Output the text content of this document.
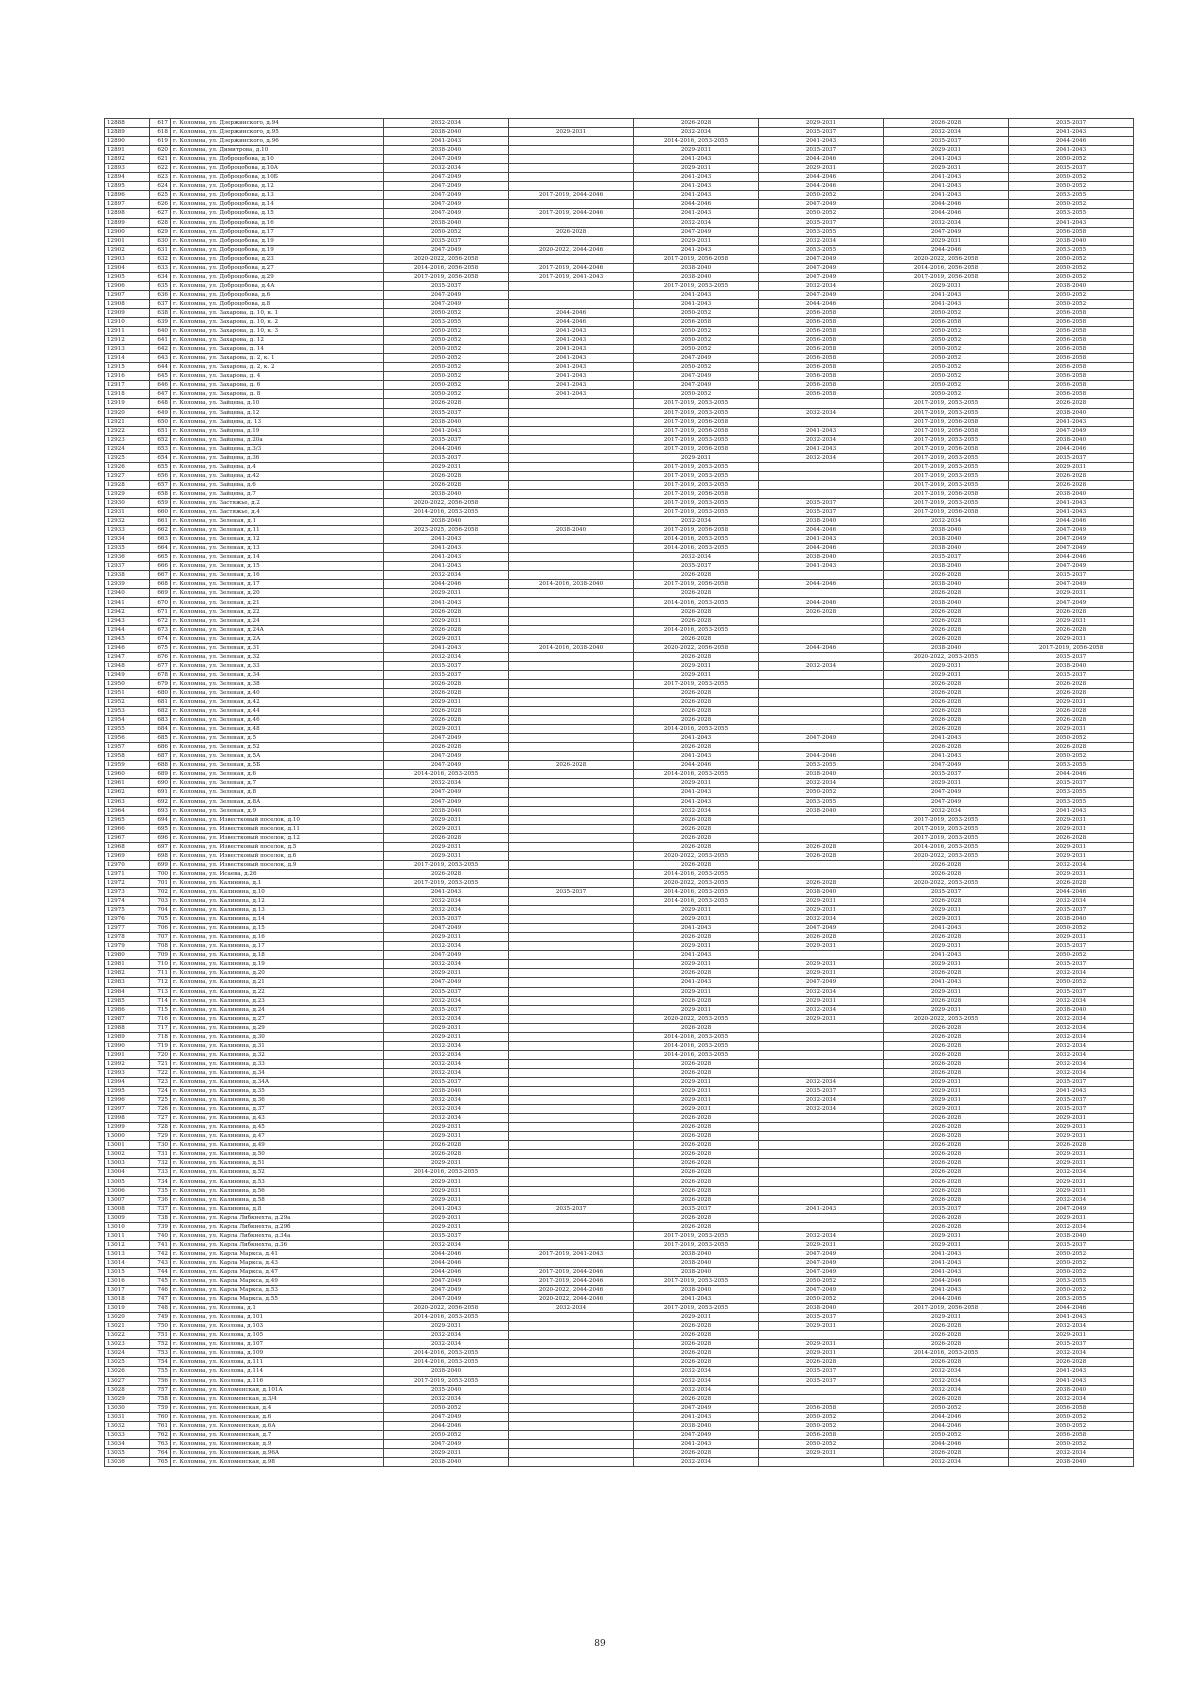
12888	617	г. Коломна, ул. Дзержинского, д.94	2032-2034		2026-2028	2029-2031	2026-2028	2035-2037
12889	618	г. Коломна, ул. Дзержинского, д.95	2038-2040	2029-2031	2032-2034	2035-2037	2032-2034	2041-2043
12890	619	г. Коломна, ул. Дзержинского, д.96	2041-2043		2014-2016, 2053-2055	2041-2043	2035-2037	2044-2046
12891	620	г. Коломна, ул. Димитрова, д.10	2038-2040		2029-2031	2035-2037	2029-2031	2041-2043
12892	621	г. Коломна, ул. Доброцобова, д.10	2047-2049		2041-2043	2044-2046	2041-2043	2050-2052
12893	622	г. Коломна, ул. Доброцобова, д.10А	2032-2034		2029-2031	2029-2031	2029-2031	2035-2037
12894	623	г. Коломна, ул. Доброцобова, д.10Б	2047-2049		2041-2043	2044-2046	2041-2043	2050-2052
12895	624	г. Коломна, ул. Доброцобова, д.12	2047-2049		2041-2043	2044-2046	2041-2043	2050-2052
12896	625	г. Коломна, ул. Доброцобова, д.13	2047-2049	2017-2019, 2044-2046	2041-2043	2050-2052	2041-2043	2053-2055
12897	626	г. Коломна, ул. Доброцобова, д.14	2047-2049		2044-2046	2047-2049	2044-2046	2050-2052
12898	627	г. Коломна, ул. Доброцобова, д.15	2047-2049	2017-2019, 2044-2046	2041-2043	2050-2052	2044-2046	2053-2055
12899	628	г. Коломна, ул. Доброцобова, д.16	2038-2040		2032-2034	2035-2037	2032-2034	2041-2043
12900	629	г. Коломна, ул. Доброцобова, д.17	2050-2052	2026-2028	2047-2049	2053-2055	2047-2049	2056-2058
12901	630	г. Коломна, ул. Доброцобова, д.19	2035-2037		2029-2031	2032-2034	2029-2031	2038-2040
12902	631	г. Коломна, ул. Доброцобова, д.19	2047-2049	2020-2022, 2044-2046	2041-2043	2053-2055	2044-2046	2053-2055
12903	632	г. Коломна, ул. Доброцобова, д.23	2020-2022, 2056-2058		2017-2019, 2056-2058	2047-2049	2020-2022, 2056-2058	2050-2052
12904	633	г. Коломна, ул. Доброцобова, д.27	2014-2016, 2056-2058	2017-2019, 2044-2046	2038-2040	2047-2049	2014-2016, 2056-2058	2050-2052
12905	634	г. Коломна, ул. Доброцобова, д.29	2017-2019, 2056-2058	2017-2019, 2041-2043	2038-2040	2047-2049	2017-2019, 2056-2058	2050-2052
12906	635	г. Коломна, ул. Доброцобова, д.4А	2035-2037		2017-2019, 2053-2055	2032-2034	2029-2031	2038-2040
12907	636	г. Коломна, ул. Доброцобова, д.6	2047-2049		2041-2043	2047-2049	2041-2043	2050-2052
12908	637	г. Коломна, ул. Доброцобова, д.8	2047-2049		2041-2043	2044-2046	2041-2043	2050-2052
12909	638	г. Коломна, ул. Захарова, д. 10, к. 1	2050-2052	2044-2046	2050-2052	2056-2058	2050-2052	2056-2058
12910	639	г. Коломна, ул. Захарова, д. 10, к. 2	2053-2055	2044-2046	2056-2058	2056-2058	2056-2058	2056-2058
12911	640	г. Коломна, ул. Захарова, д. 10, к. 3	2050-2052	2041-2043	2050-2052	2056-2058	2050-2052	2056-2058
12912	641	г. Коломна, ул. Захарова, д. 12	2050-2052	2041-2043	2050-2052	2056-2058	2050-2052	2056-2058
12913	642	г. Коломна, ул. Захарова, д. 14	2050-2052	2041-2043	2050-2052	2056-2058	2050-2052	2056-2058
12914	643	г. Коломна, ул. Захарова, д. 2, к. 1	2050-2052	2041-2043	2047-2049	2056-2058	2050-2052	2056-2058
12915	644	г. Коломна, ул. Захарова, д. 2, к. 2	2050-2052	2041-2043	2050-2052	2056-2058	2050-2052	2056-2058
12916	645	г. Коломна, ул. Захарова, д. 4	2050-2052	2041-2043	2047-2049	2056-2058	2050-2052	2056-2058
12917	646	г. Коломна, ул. Захарова, д. 6	2050-2052	2041-2043	2047-2049	2056-2058	2050-2052	2056-2058
12918	647	г. Коломна, ул. Захарова, д. 8	2050-2052	2041-2043	2050-2052	2056-2058	2050-2052	2056-2058
12919	648	г. Коломна, ул. Зайцева, д.10	2026-2028		2017-2019, 2053-2055		2017-2019, 2053-2055	2026-2028
12920	649	г. Коломна, ул. Зайцева, д.12	2035-2037		2017-2019, 2053-2055	2032-2034	2017-2019, 2053-2055	2038-2040
12921	650	г. Коломна, ул. Зайцева, д. 13	2038-2040		2017-2019, 2056-2058		2017-2019, 2056-2058	2041-2043
12922	651	г. Коломна, ул. Зайцева, д.19	2041-2043		2017-2019, 2056-2058	2041-2043	2017-2019, 2056-2058	2047-2049
12923	652	г. Коломна, ул. Зайцева, д.20а	2035-2037		2017-2019, 2053-2055	2032-2034	2017-2019, 2053-2055	2038-2040
12924	653	г. Коломна, ул. Зайцева, д.3/3	2044-2046		2017-2019, 2056-2058	2041-2043	2017-2019, 2056-2058	2044-2046
12925	654	г. Коломна, ул. Зайцева, д.36	2035-2037		2029-2031	2032-2034	2017-2019, 2053-2055	2035-2037
12926	655	г. Коломна, ул. Зайцева, д.4	2029-2031		2017-2019, 2053-2055		2017-2019, 2053-2055	2029-2031
12927	656	г. Коломна, ул. Зайцева, д.42	2026-2028		2017-2019, 2053-2055		2017-2019, 2053-2055	2026-2028
12928	657	г. Коломна, ул. Зайцева, д.6	2026-2028		2017-2019, 2053-2055		2017-2019, 2053-2055	2026-2028
12929	658	г. Коломна, ул. Зайцева, д.7	2038-2040		2017-2019, 2056-2058		2017-2019, 2056-2058	2038-2040
12930	659	г. Коломна, ул. Застяжье, д.2	2020-2022, 2056-2058		2017-2019, 2053-2055	2035-2037	2017-2019, 2053-2055	2041-2043
12931	660	г. Коломна, ул. Застяжье, д.4	2014-2016, 2053-2055		2017-2019, 2053-2055	2035-2037	2017-2019, 2056-2058	2041-2043
12932	661	г. Коломна, ул. Зеленая, д.1	2038-2040		2032-2034	2038-2040	2032-2034	2044-2046
12933	662	г. Коломна, ул. Зеленая, д.11	2023-2025, 2056-2058	2038-2040	2017-2019, 2056-2058	2044-2046	2038-2040	2047-2049
12934	663	г. Коломна, ул. Зеленая, д.12	2041-2043		2014-2016, 2053-2055	2041-2043	2038-2040	2047-2049
12935	664	г. Коломна, ул. Зеленая, д.13	2041-2043		2014-2016, 2053-2055	2044-2046	2038-2040	2047-2049
12936	665	г. Коломна, ул. Зеленая, д.14	2041-2043		2032-2034	2038-2040	2035-2037	2044-2046
12937	666	г. Коломна, ул. Зеленая, д.15	2041-2043		2035-2037	2041-2043	2038-2040	2047-2049
12938	667	г. Коломна, ул. Зеленая, д.16	2032-2034		2026-2028		2026-2028	2035-2037
12939	668	г. Коломна, ул. Зеленая, д.17	2044-2046	2014-2016, 2038-2040	2017-2019, 2056-2058	2044-2046	2038-2040	2047-2049
12940	669	г. Коломна, ул. Зеленая, д.20	2029-2031		2026-2028		2026-2028	2029-2031
12941	670	г. Коломна, ул. Зеленая, д.21	2041-2043		2014-2016, 2053-2055	2044-2046	2038-2040	2047-2049
12942	671	г. Коломна, ул. Зеленая, д.22	2026-2028		2026-2028	2026-2028	2026-2028	2026-2028
12943	672	г. Коломна, ул. Зеленая, д.24	2029-2031		2026-2028		2026-2028	2029-2031
12944	673	г. Коломна, ул. Зеленая, д.24А	2026-2028		2014-2016, 2053-2055		2026-2028	2026-2028
12945	674	г. Коломна, ул. Зеленая, д.2А	2029-2031		2026-2028		2026-2028	2029-2031
12946	675	г. Коломна, ул. Зеленая, д.31	2041-2043	2014-2016, 2038-2040	2020-2022, 2056-2058	2044-2046	2038-2040	2017-2019, 2056-2058
12947	676	г. Коломна, ул. Зеленая, д.32	2032-2034		2026-2028		2020-2022, 2053-2055	2035-2037
12948	677	г. Коломна, ул. Зеленая, д.33	2035-2037		2029-2031	2032-2034	2029-2031	2038-2040
12949	678	г. Коломна, ул. Зеленая, д.34	2035-2037		2029-2031		2029-2031	2035-2037
12950	679	г. Коломна, ул. Зеленая, д.38	2026-2028		2017-2019, 2053-2055		2026-2028	2026-2028
12951	680	г. Коломна, ул. Зеленая, д.40	2026-2028		2026-2028		2026-2028	2026-2028
12952	681	г. Коломна, ул. Зеленая, д.42	2029-2031		2026-2028		2026-2028	2029-2031
12953	682	г. Коломна, ул. Зеленая, д.44	2026-2028		2026-2028		2026-2028	2026-2028
12954	683	г. Коломна, ул. Зеленая, д.46	2026-2028		2026-2028		2026-2028	2026-2028
12955	684	г. Коломна, ул. Зеленая, д.48	2029-2031		2014-2016, 2053-2055		2026-2028	2029-2031
12956	685	г. Коломна, ул. Зеленая, д.5	2047-2049		2041-2043	2047-2049	2041-2043	2050-2052
12957	686	г. Коломна, ул. Зеленая, д.52	2026-2028		2026-2028		2026-2028	2026-2028
12958	687	г. Коломна, ул. Зеленая, д.5А	2047-2049		2041-2043	2044-2046	2041-2043	2050-2052
12959	688	г. Коломна, ул. Зеленая, д.5Б	2047-2049	2026-2028	2044-2046	2053-2055	2047-2049	2053-2055
12960	689	г. Коломна, ул. Зеленая, д.6	2014-2016, 2053-2055		2014-2016, 2053-2055	2038-2040	2035-2037	2044-2046
12961	690	г. Коломна, ул. Зеленая, д.7	2032-2034		2029-2031	2032-2034	2029-2031	2035-2037
12962	691	г. Коломна, ул. Зеленая, д.8	2047-2049		2041-2043	2050-2052	2047-2049	2053-2055
12963	692	г. Коломна, ул. Зеленая, д.8А	2047-2049		2041-2043	2053-2055	2047-2049	2053-2055
12964	693	г. Коломна, ул. Зеленая, д.9	2038-2040		2032-2034	2038-2040	2032-2034	2041-2043
12965	694	г. Коломна, ул. Известковый поселок, д.10	2029-2031		2026-2028		2017-2019, 2053-2055	2029-2031
12966	695	г. Коломна, ул. Известковый поселок, д.11	2029-2031		2026-2028		2017-2019, 2053-2055	2029-2031
12967	696	г. Коломна, ул. Известковый поселок, д.12	2026-2028		2026-2028		2017-2019, 2053-2055	2026-2028
12968	697	г. Коломна, ул. Известковый поселок, д.5	2029-2031		2026-2028	2026-2028	2014-2016, 2053-2055	2029-2031
12969	698	г. Коломна, ул. Известковый поселок, д.6	2029-2031		2020-2022, 2053-2055	2026-2028	2020-2022, 2053-2055	2029-2031
12970	699	г. Коломна, ул. Известковый поселок, д.9	2017-2019, 2053-2055		2026-2028		2026-2028	2032-2034
12971	700	г. Коломна, ул. Исаева, д.26	2026-2028		2014-2016, 2053-2055		2026-2028	2029-2031
12972	701	г. Коломна, ул. Калинина, д.1	2017-2019, 2053-2055		2020-2022, 2053-2055	2026-2028	2020-2022, 2053-2055	2026-2028
12973	702	г. Коломна, ул. Калинина, д.10	2041-2043	2035-2037	2014-2016, 2053-2055	2038-2040	2035-2037	2044-2046
12974	703	г. Коломна, ул. Калинина, д.12	2032-2034		2014-2016, 2053-2055	2029-2031	2026-2028	2032-2034
12975	704	г. Коломна, ул. Калинина, д.13	2032-2034		2029-2031	2029-2031	2029-2031	2035-2037
12976	705	г. Коломна, ул. Калинина, д.14	2035-2037		2029-2031	2032-2034	2029-2031	2038-2040
12977	706	г. Коломна, ул. Калинина, д.15	2047-2049		2041-2043	2047-2049	2041-2043	2050-2052
12978	707	г. Коломна, ул. Калинина, д.16	2029-2031		2026-2028	2026-2028	2026-2028	2029-2031
12979	708	г. Коломна, ул. Калинина, д.17	2032-2034		2029-2031	2029-2031	2029-2031	2035-2037
12980	709	г. Коломна, ул. Калинина, д.18	2047-2049		2041-2043		2041-2043	2050-2052
12981	710	г. Коломна, ул. Калинина, д.19	2032-2034		2029-2031	2029-2031	2029-2031	2035-2037
12982	711	г. Коломна, ул. Калинина, д.20	2029-2031		2026-2028	2029-2031	2026-2028	2032-2034
12983	712	г. Коломна, ул. Калинина, д.21	2047-2049		2041-2043	2047-2049	2041-2043	2050-2052
12984	713	г. Коломна, ул. Калинина, д.22	2035-2037		2029-2031	2032-2034	2029-2031	2035-2037
12985	714	г. Коломна, ул. Калинина, д.23	2032-2034		2026-2028	2029-2031	2026-2028	2032-2034
12986	715	г. Коломна, ул. Калинина, д.24	2035-2037		2029-2031	2032-2034	2029-2031	2038-2040
12987	716	г. Коломна, ул. Калинина, д.27	2032-2034		2020-2022, 2053-2055	2029-2031	2020-2022, 2053-2055	2032-2034
12988	717	г. Коломна, ул. Калинина, д.29	2029-2031		2026-2028		2026-2028	2032-2034
12989	718	г. Коломна, ул. Калинина, д.30	2029-2031		2014-2016, 2053-2055		2026-2028	2032-2034
12990	719	г. Коломна, ул. Калинина, д.31	2032-2034		2014-2016, 2053-2055		2026-2028	2032-2034
12991	720	г. Коломна, ул. Калинина, д.32	2032-2034		2014-2016, 2053-2055		2026-2028	2032-2034
12992	721	г. Коломна, ул. Калинина, д.33	2032-2034		2026-2028		2026-2028	2032-2034
12993	722	г. Коломна, ул. Калинина, д.34	2032-2034		2026-2028		2026-2028	2032-2034
12994	723	г. Коломна, ул. Калинина, д.34А	2035-2037		2029-2031	2032-2034	2029-2031	2035-2037
12995	724	г. Коломна, ул. Калинина, д.35	2038-2040		2029-2031	2035-2037	2029-2031	2041-2043
12996	725	г. Коломна, ул. Калинина, д.36	2032-2034		2029-2031	2032-2034	2029-2031	2035-2037
12997	726	г. Коломна, ул. Калинина, д.37	2032-2034		2029-2031	2032-2034	2029-2031	2035-2037
12998	727	г. Коломна, ул. Калинина, д.43	2032-2034		2026-2028		2026-2028	2029-2031
12999	728	г. Коломна, ул. Калинина, д.45	2029-2031		2026-2028		2026-2028	2029-2031
13000	729	г. Коломна, ул. Калинина, д.47	2029-2031		2026-2028		2026-2028	2029-2031
13001	730	г. Коломна, ул. Калинина, д.49	2026-2028		2026-2028		2026-2028	2026-2028
13002	731	г. Коломна, ул. Калинина, д.50	2026-2028		2026-2028		2026-2028	2029-2031
13003	732	г. Коломна, ул. Калинина, д.51	2029-2031		2026-2028		2026-2028	2029-2031
13004	733	г. Коломна, ул. Калинина, д.52	2014-2016, 2053-2055		2026-2028		2026-2028	2032-2034
13005	734	г. Коломна, ул. Калинина, д.53	2029-2031		2026-2028		2026-2028	2029-2031
13006	735	г. Коломна, ул. Калинина, д.56	2029-2031		2026-2028		2026-2028	2029-2031
13007	736	г. Коломна, ул. Калинина, д.58	2029-2031		2026-2028		2026-2028	2032-2034
13008	737	г. Коломна, ул. Калинина, д.8	2041-2043	2035-2037	2035-2037	2041-2043	2035-2037	2047-2049
13009	738	г. Коломна, ул. Карла Либкнехта, д.29а	2029-2031		2026-2028		2026-2028	2029-2031
13010	739	г. Коломна, ул. Карла Либкнехта, д.29б	2029-2031		2026-2028		2026-2028	2032-2034
13011	740	г. Коломна, ул. Карла Либкнехта, д.34а	2035-2037		2017-2019, 2053-2055	2032-2034	2029-2031	2038-2040
13012	741	г. Коломна, ул. Карла Либкнехта, д.36	2032-2034		2017-2019, 2053-2055	2029-2031	2029-2031	2035-2037
13013	742	г. Коломна, ул. Карла Маркса, д.41	2044-2046	2017-2019, 2041-2043	2038-2040	2047-2049	2041-2043	2050-2052
13014	743	г. Коломна, ул. Карла Маркса, д.43	2044-2046		2038-2040	2047-2049	2041-2043	2050-2052
13015	744	г. Коломна, ул. Карла Маркса, д.47	2044-2046	2017-2019, 2044-2046	2038-2040	2047-2049	2041-2043	2050-2052
13016	745	г. Коломна, ул. Карла Маркса, д.49	2047-2049	2017-2019, 2044-2046	2017-2019, 2053-2055	2050-2052	2044-2046	2053-2055
13017	746	г. Коломна, ул. Карла Маркса, д.53	2047-2049	2020-2022, 2044-2046	2038-2040	2047-2049	2041-2043	2050-2052
13018	747	г. Коломна, ул. Карла Маркса, д.55	2047-2049	2020-2022, 2044-2046	2041-2043	2050-2052	2044-2046	2053-2055
13019	748	г. Коломна, ул. Козлова, д.1	2020-2022, 2056-2058	2032-2034	2017-2019, 2053-2055	2038-2040	2017-2019, 2056-2058	2044-2046
13020	749	г. Коломна, ул. Козлова, д.101	2014-2016, 2053-2055		2029-2031	2035-2037	2029-2031	2041-2043
13021	750	г. Коломна, ул. Козлова, д.103	2029-2031		2026-2028	2029-2031	2026-2028	2032-2034
13022	751	г. Коломна, ул. Козлова, д.105	2032-2034		2026-2028		2026-2028	2029-2031
13023	752	г. Коломна, ул. Козлова, д.107	2032-2034		2026-2028	2029-2031	2026-2028	2035-2037
13024	753	г. Коломна, ул. Козлова, д.109	2014-2016, 2053-2055		2026-2028	2029-2031	2014-2016, 2053-2055	2032-2034
13025	754	г. Коломна, ул. Козлова, д.111	2014-2016, 2053-2055		2026-2028	2026-2028	2026-2028	2026-2028
13026	755	г. Коломна, ул. Козлова, д.114	2038-2040		2032-2034	2035-2037	2032-2034	2041-2043
13027	756	г. Коломна, ул. Козлова, д.116	2017-2019, 2053-2055		2032-2034	2035-2037	2032-2034	2041-2043
13028	757	г. Коломна, ул. Коломенская, д.101А	2035-2040		2032-2034		2032-2034	2038-2040
13029	758	г. Коломна, ул. Коломенская, д.3/4	2032-2034		2026-2028		2026-2028	2032-2034
13030	759	г. Коломна, ул. Коломенская, д.4	2050-2052		2047-2049	2056-2058	2050-2052	2056-2058
13031	760	г. Коломна, ул. Коломенская, д.6	2047-2049		2041-2043	2050-2052	2044-2046	2050-2052
13032	761	г. Коломна, ул. Коломенская, д.6А	2044-2046		2038-2040	2050-2052	2044-2046	2050-2052
13033	762	г. Коломна, ул. Коломенская, д.7	2050-2052		2047-2049	2056-2058	2050-2052	2056-2058
13034	763	г. Коломна, ул. Коломенская, д.9	2047-2049		2041-2043	2050-2052	2044-2046	2050-2052
13035	764	г. Коломна, ул. Коломенская, д.96А	2029-2031		2026-2028	2029-2031	2026-2028	2032-2034
13036	765	г. Коломна, ул. Коломенская, д.98	2038-2040		2032-2034		2032-2034	2038-2040
89
